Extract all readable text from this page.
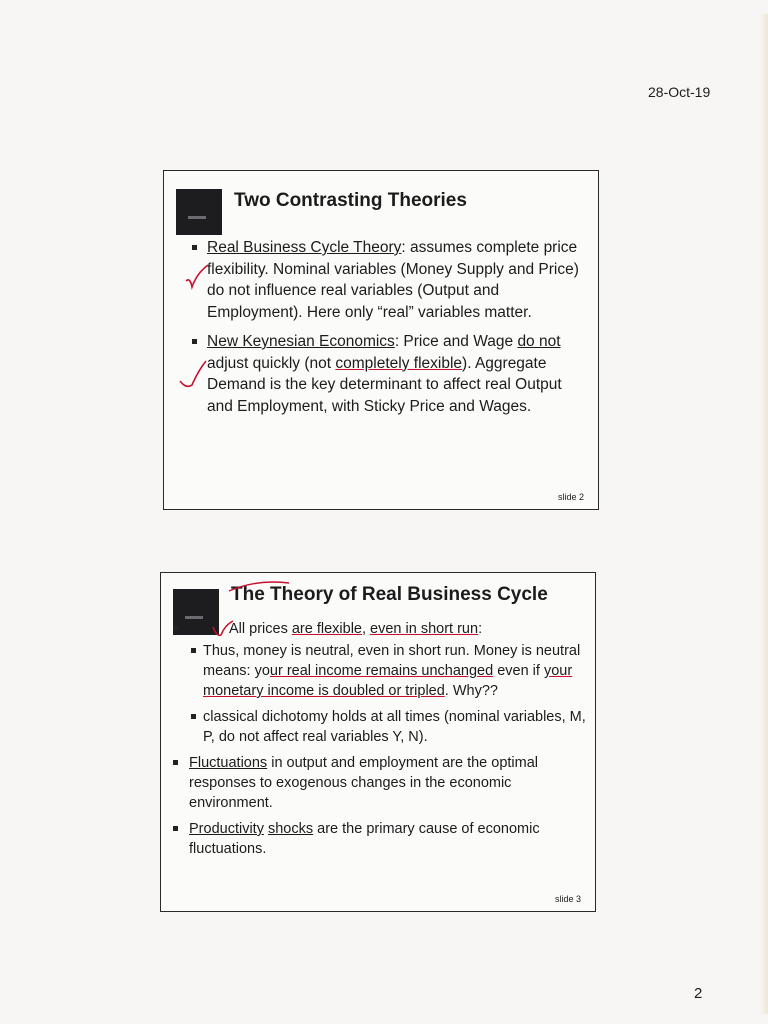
28-Oct-19
Two Contrasting Theories
Real Business Cycle Theory: assumes complete price flexibility. Nominal variables (Money Supply and Price) do not influence real variables (Output and Employment). Here only “real” variables matter.
New Keynesian Economics: Price and Wage do not adjust quickly (not completely flexible). Aggregate Demand is the key determinant to affect real Output and Employment, with Sticky Price and Wages.
slide 2
The Theory of Real Business Cycle
All prices are flexible, even in short run:
Thus, money is neutral, even in short run. Money is neutral means: your real income remains unchanged even if your monetary income is doubled or tripled. Why??
classical dichotomy holds at all times (nominal variables, M, P, do not affect real variables Y, N).
Fluctuations in output and employment are the optimal responses to exogenous changes in the economic environment.
Productivity shocks are the primary cause of economic fluctuations.
slide 3
2
